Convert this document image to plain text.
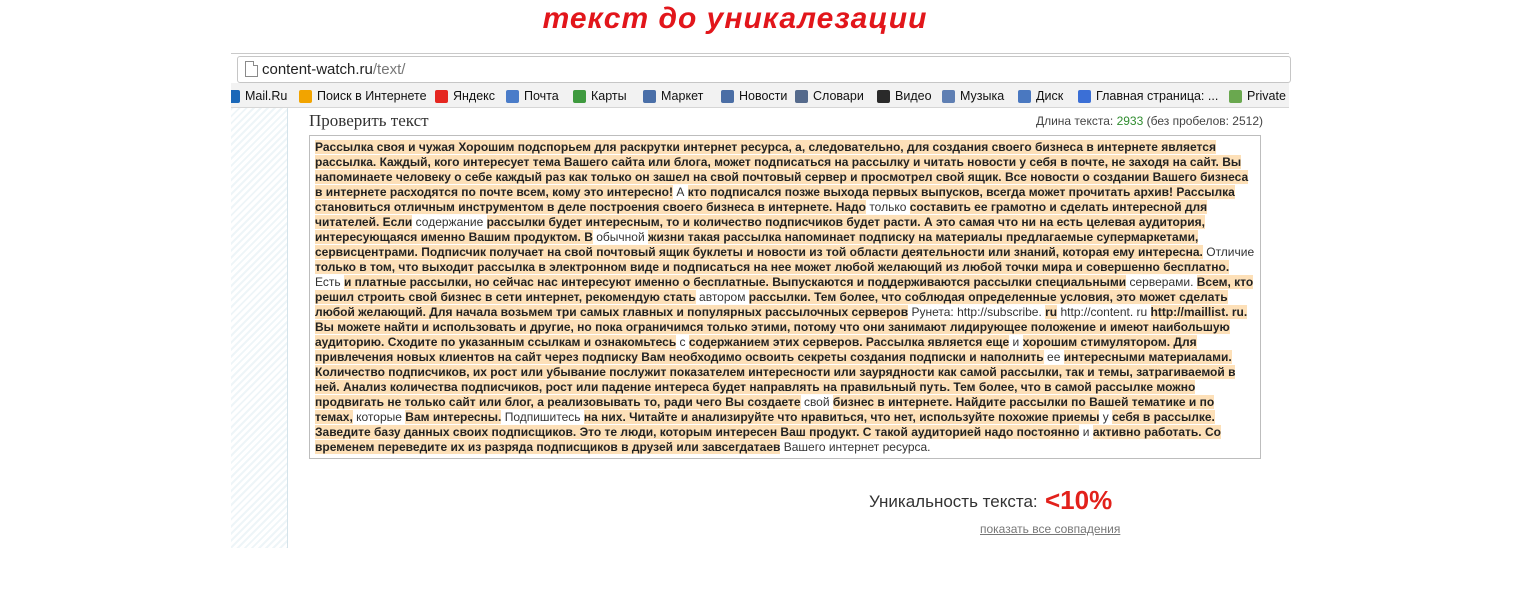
текст до уникалезации
content-watch.ru/text/
Mail.Ru Поиск в Интернете Яндекс Почта	Карты	Маркет	Новости Словари Видео Музыка	Диск	Главная страница: ... Private
Проверить текст	Длина текста: 2933 (без пробелов: 2512)

Рассылка своя и чужая Хорошим подспорьем для раскрутки интернет ресурса, а, следовательно, для создания своего бизнеса в интернете является рассылка. Каждый, кого интересует тема Вашего сайта или блога, может подписаться на рассылку и читать новости у себя в почте, не заходя на сайт. Вы напоминаете человеку о себе каждый раз как только он зашел на свой почтовый сервер и просмотрел свой ящик. Все новости о создании Вашего бизнеса в интернете расходятся по почте всем, кому это интересно! А кто подписался позже выхода первых выпусков, всегда может прочитать архив! Рассылка становиться отличным инструментом в деле построения своего бизнеса в интернете. Надо только составить ее грамотно и сделать интересной для читателей. Если содержание рассылки будет интересным, то и количество подписчиков будет расти. А это самая что ни на есть целевая аудитория, интересующаяся именно Вашим продуктом. В обычной жизни такая рассылка напоминает подписку на материалы предлагаемые супермаркетами, сервисцентрами. Подписчик получает на свой почтовый ящик буклеты и новости из той области деятельности или знаний, которая ему интересна. Отличие только в том, что выходит рассылка в электронном виде и подписаться на нее может любой желающий из любой точки мира и совершенно бесплатно. Есть и платные рассылки, но сейчас нас интересуют именно о бесплатные. Выпускаются и поддерживаются рассылки специальными серверами. Всем, кто решил строить свой бизнес в сети интернет, рекомендую стать автором рассылки. Тем более, что соблюдая определенные условия, это может сделать любой желающий. Для начала возьмем три самых главных и популярных рассылочных серверов Рунета: http://subscribe. ru http://content. ru http://maillist. ru. Вы можете найти и использовать и другие, но пока ограничимся только этими, потому что они занимают лидирующее положение и имеют наибольшую аудиторию. Сходите по указанным ссылкам и ознакомьтесь с содержанием этих серверов. Рассылка является еще и хорошим стимулятором. Для привлечения новых клиентов на сайт через подписку Вам необходимо освоить секреты создания подписки и наполнить ее интересными материалами. Количество подписчиков, их рост или убывание послужит показателем интересности или заурядности как самой рассылки, так и темы, затрагиваемой в ней. Анализ количества подписчиков, рост или падение интереса будет направлять на правильный путь. Тем более, что в самой рассылке можно продвигать не только сайт или блог, а реализовывать то, ради чего Вы создаете свой бизнес в интернете. Найдите рассылки по Вашей тематике и по темах, которые Вам интересны. Подпишитесь на них. Читайте и анализируйте что нравиться, что нет, используйте похожие приемы у себя в рассылке. Заведите базу данных своих подписщиков. Это те люди, которым интересен Ваш продукт. С такой аудиторией надо постоянно и активно работать. Со временем переведите их из разряда подписщиков в друзей или завсегдатаев Вашего интернет ресурса.

Уникальность текста: <10%
показать все совпадения
